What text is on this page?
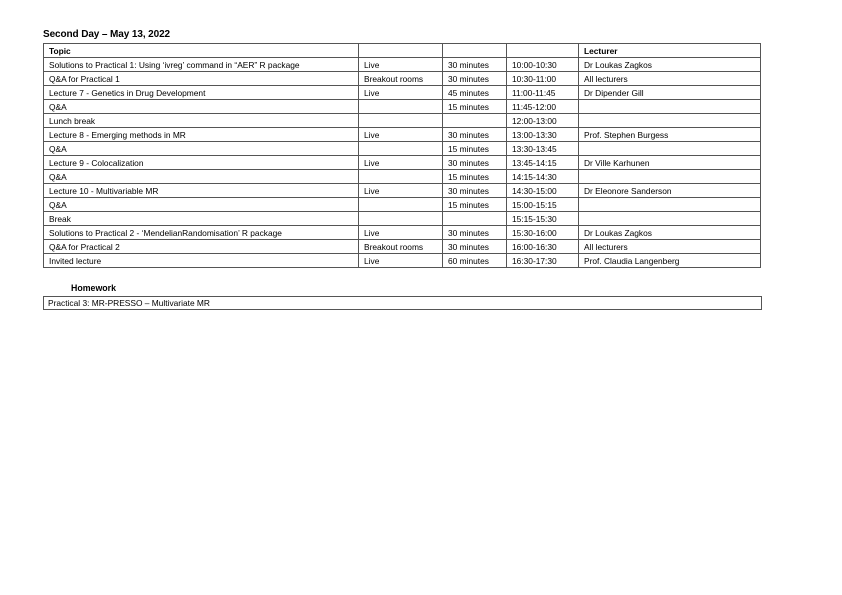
Second Day – May 13, 2022
Topic				Lecturer
Solutions to Practical 1: Using ‘ivreg’ command in “AER” R package	Live	30 minutes	10:00-10:30	Dr Loukas Zagkos
Q&A for Practical 1	Breakout rooms	30 minutes	10:30-11:00	All lecturers
Lecture 7 - Genetics in Drug Development	Live	45 minutes	11:00-11:45	Dr Dipender Gill
Q&A		15 minutes	11:45-12:00	
Lunch break			12:00-13:00	
Lecture 8 - Emerging methods in MR	Live	30 minutes	13:00-13:30	Prof. Stephen Burgess
Q&A		15 minutes	13:30-13:45	
Lecture 9 - Colocalization	Live	30 minutes	13:45-14:15	Dr Ville Karhunen
Q&A		15 minutes	14:15-14:30	
Lecture 10 - Multivariable MR	Live	30 minutes	14:30-15:00	Dr Eleonore Sanderson
Q&A		15 minutes	15:00-15:15	
Break			15:15-15:30	
Solutions to Practical 2 - ‘MendelianRandomisation’ R package	Live	30 minutes	15:30-16:00	Dr Loukas Zagkos
Q&A for Practical 2	Breakout rooms	30 minutes	16:00-16:30	All lecturers
Invited lecture	Live	60 minutes	16:30-17:30	Prof. Claudia Langenberg
Homework
Practical 3: MR-PRESSO – Multivariate MR
